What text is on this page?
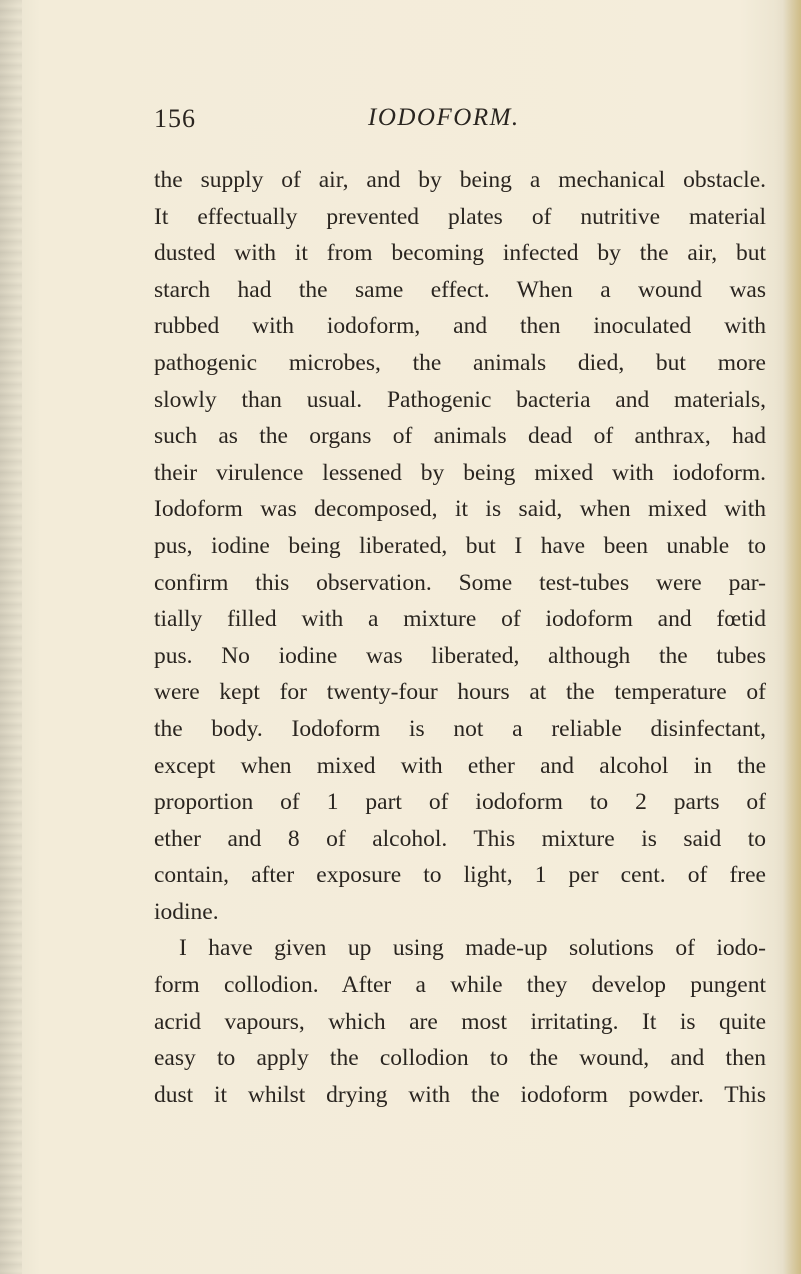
156	IODOFORM.
the supply of air, and by being a mechanical obstacle.
It effectually prevented plates of nutritive material
dusted with it from becoming infected by the air, but
starch had the same effect. When a wound was
rubbed with iodoform, and then inoculated with
pathogenic microbes, the animals died, but more
slowly than usual. Pathogenic bacteria and materials,
such as the organs of animals dead of anthrax, had
their virulence lessened by being mixed with iodoform.
Iodoform was decomposed, it is said, when mixed with
pus, iodine being liberated, but I have been unable to
confirm this observation. Some test-tubes were par-
tially filled with a mixture of iodoform and fœtid
pus. No iodine was liberated, although the tubes
were kept for twenty-four hours at the temperature of
the body. Iodoform is not a reliable disinfectant,
except when mixed with ether and alcohol in the
proportion of 1 part of iodoform to 2 parts of
ether and 8 of alcohol. This mixture is said to
contain, after exposure to light, 1 per cent. of free
iodine.
I have given up using made-up solutions of iodo-
form collodion. After a while they develop pungent
acrid vapours, which are most irritating. It is quite
easy to apply the collodion to the wound, and then
dust it whilst drying with the iodoform powder. This
